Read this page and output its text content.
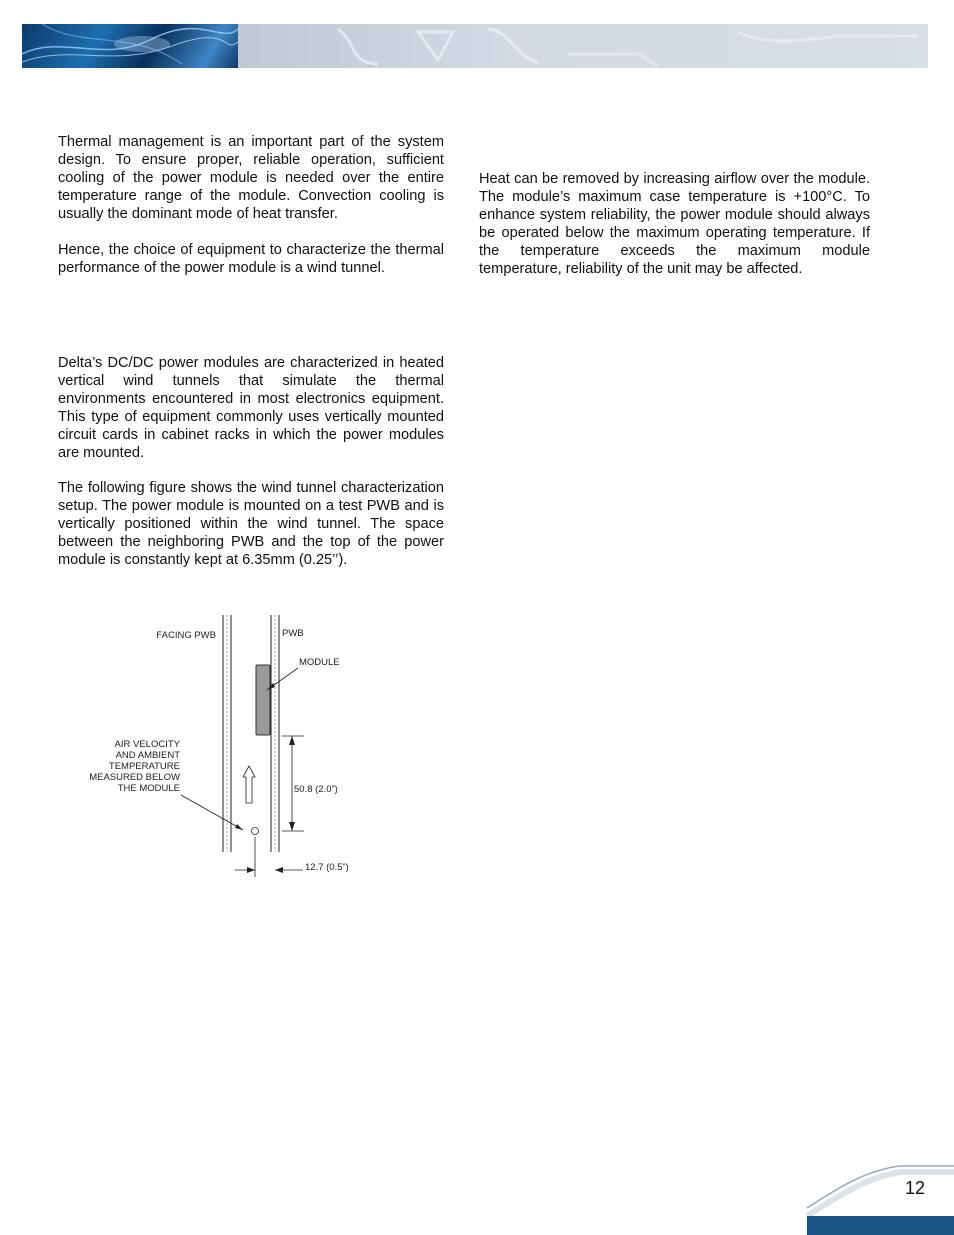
Thermal management is an important part of the system design. To ensure proper, reliable operation, sufficient cooling of the power module is needed over the entire temperature range of the module. Convection cooling is usually the dominant mode of heat transfer.

Hence, the choice of equipment to characterize the thermal performance of the power module is a wind tunnel.

Delta’s DC/DC power modules are characterized in heated vertical wind tunnels that simulate the thermal environments encountered in most electronics equipment. This type of equipment commonly uses vertically mounted circuit cards in cabinet racks in which the power modules are mounted.

The following figure shows the wind tunnel characterization setup. The power module is mounted on a test PWB and is vertically positioned within the wind tunnel. The space between the neighboring PWB and the top of the power module is constantly kept at 6.35mm (0.25’’).

Heat can be removed by increasing airflow over the module. The module’s maximum case temperature is +100°C. To enhance system reliability, the power module should always be operated below the maximum operating temperature. If the temperature exceeds the maximum module temperature, reliability of the unit may be affected.

FACING PWB	PWB
MODULE
AIR VELOCITY
AND AMBIENT
TEMPERATURE
MEASURED BELOW
THE MODULE	50.8 (2.0”)
12.7 (0.5”)
12
